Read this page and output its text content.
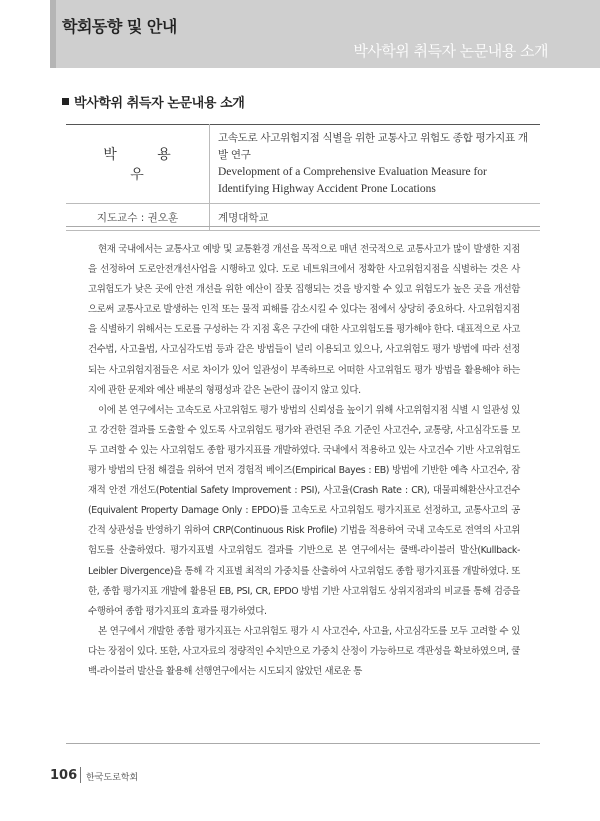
학회동향 및 안내
박사학위 취득자 논문내용 소개
박사학위 취득자 논문내용 소개
박 용 우	고속도로 사고위험지점 식별을 위한 교통사고 위험도 종합 평가지표 개발 연구
Development of a Comprehensive Evaluation Measure for Identifying Highway Accident Prone Locations

지도교수 : 권오훈	계명대학교

현재 국내에서는 교통사고 예방 및 교통환경 개선을 목적으로 매년 전국적으로 교통사고가 많이 발생한 지점을 선정하여 도로안전개선사업을 시행하고 있다. 도로 네트워크에서 정확한 사고위험지점을 식별하는 것은 사고위험도가 낮은 곳에 안전 개선을 위한 예산이 잘못 집행되는 것을 방지할 수 있고 위험도가 높은 곳을 개선함으로써 교통사고로 발생하는 인적 또는 물적 피해를 감소시킬 수 있다는 점에서 상당히 중요하다. 사고위험지점을 식별하기 위해서는 도로를 구성하는 각 지점 혹은 구간에 대한 사고위험도를 평가해야 한다. 대표적으로 사고건수법, 사고율법, 사고심각도법 등과 같은 방법들이 널리 이용되고 있으나, 사고위험도 평가 방법에 따라 선정되는 사고위험지점들은 서로 차이가 있어 일관성이 부족하므로 어떠한 사고위험도 평가 방법을 활용해야 하는지에 관한 문제와 예산 배분의 형평성과 같은 논란이 끊이지 않고 있다.

이에 본 연구에서는 고속도로 사고위험도 평가 방법의 신뢰성을 높이기 위해 사고위험지점 식별 시 일관성 있고 강건한 결과를 도출할 수 있도록 사고위험도 평가와 관련된 주요 기준인 사고건수, 교통량, 사고심각도를 모두 고려할 수 있는 사고위험도 종합 평가지표를 개발하였다. 국내에서 적용하고 있는 사고건수 기반 사고위험도 평가 방법의 단점 해결을 위하여 먼저 경험적 베이즈(Empirical Bayes : EB) 방법에 기반한 예측 사고건수, 잠재적 안전 개선도(Potential Safety Improvement : PSI), 사고율(Crash Rate : CR), 대물피해환산사고건수(Equivalent Property Damage Only : EPDO)를 고속도로 사고위험도 평가지표로 선정하고, 교통사고의 공간적 상관성을 반영하기 위하여 CRP(Continuous Risk Profile) 기법을 적용하여 국내 고속도로 전역의 사고위험도를 산출하였다. 평가지표별 사고위험도 결과를 기반으로 본 연구에서는 쿨백-라이블러 발산(Kullback-Leibler Divergence)을 통해 각 지표별 최적의 가중치를 산출하여 사고위험도 종합 평가지표를 개발하였다. 또한, 종합 평가지표 개발에 활용된 EB, PSI, CR, EPDO 방법 기반 사고위험도 상위지점과의 비교를 통해 검증을 수행하여 종합 평가지표의 효과를 평가하였다.

본 연구에서 개발한 종합 평가지표는 사고위험도 평가 시 사고건수, 사고율, 사고심각도를 모두 고려할 수 있다는 장점이 있다. 또한, 사고자료의 정량적인 수치만으로 가중치 산정이 가능하므로 객관성을 확보하였으며, 쿨백-라이블러 발산을 활용해 선행연구에서는 시도되지 않았던 새로운 통

106 한국도로학회
